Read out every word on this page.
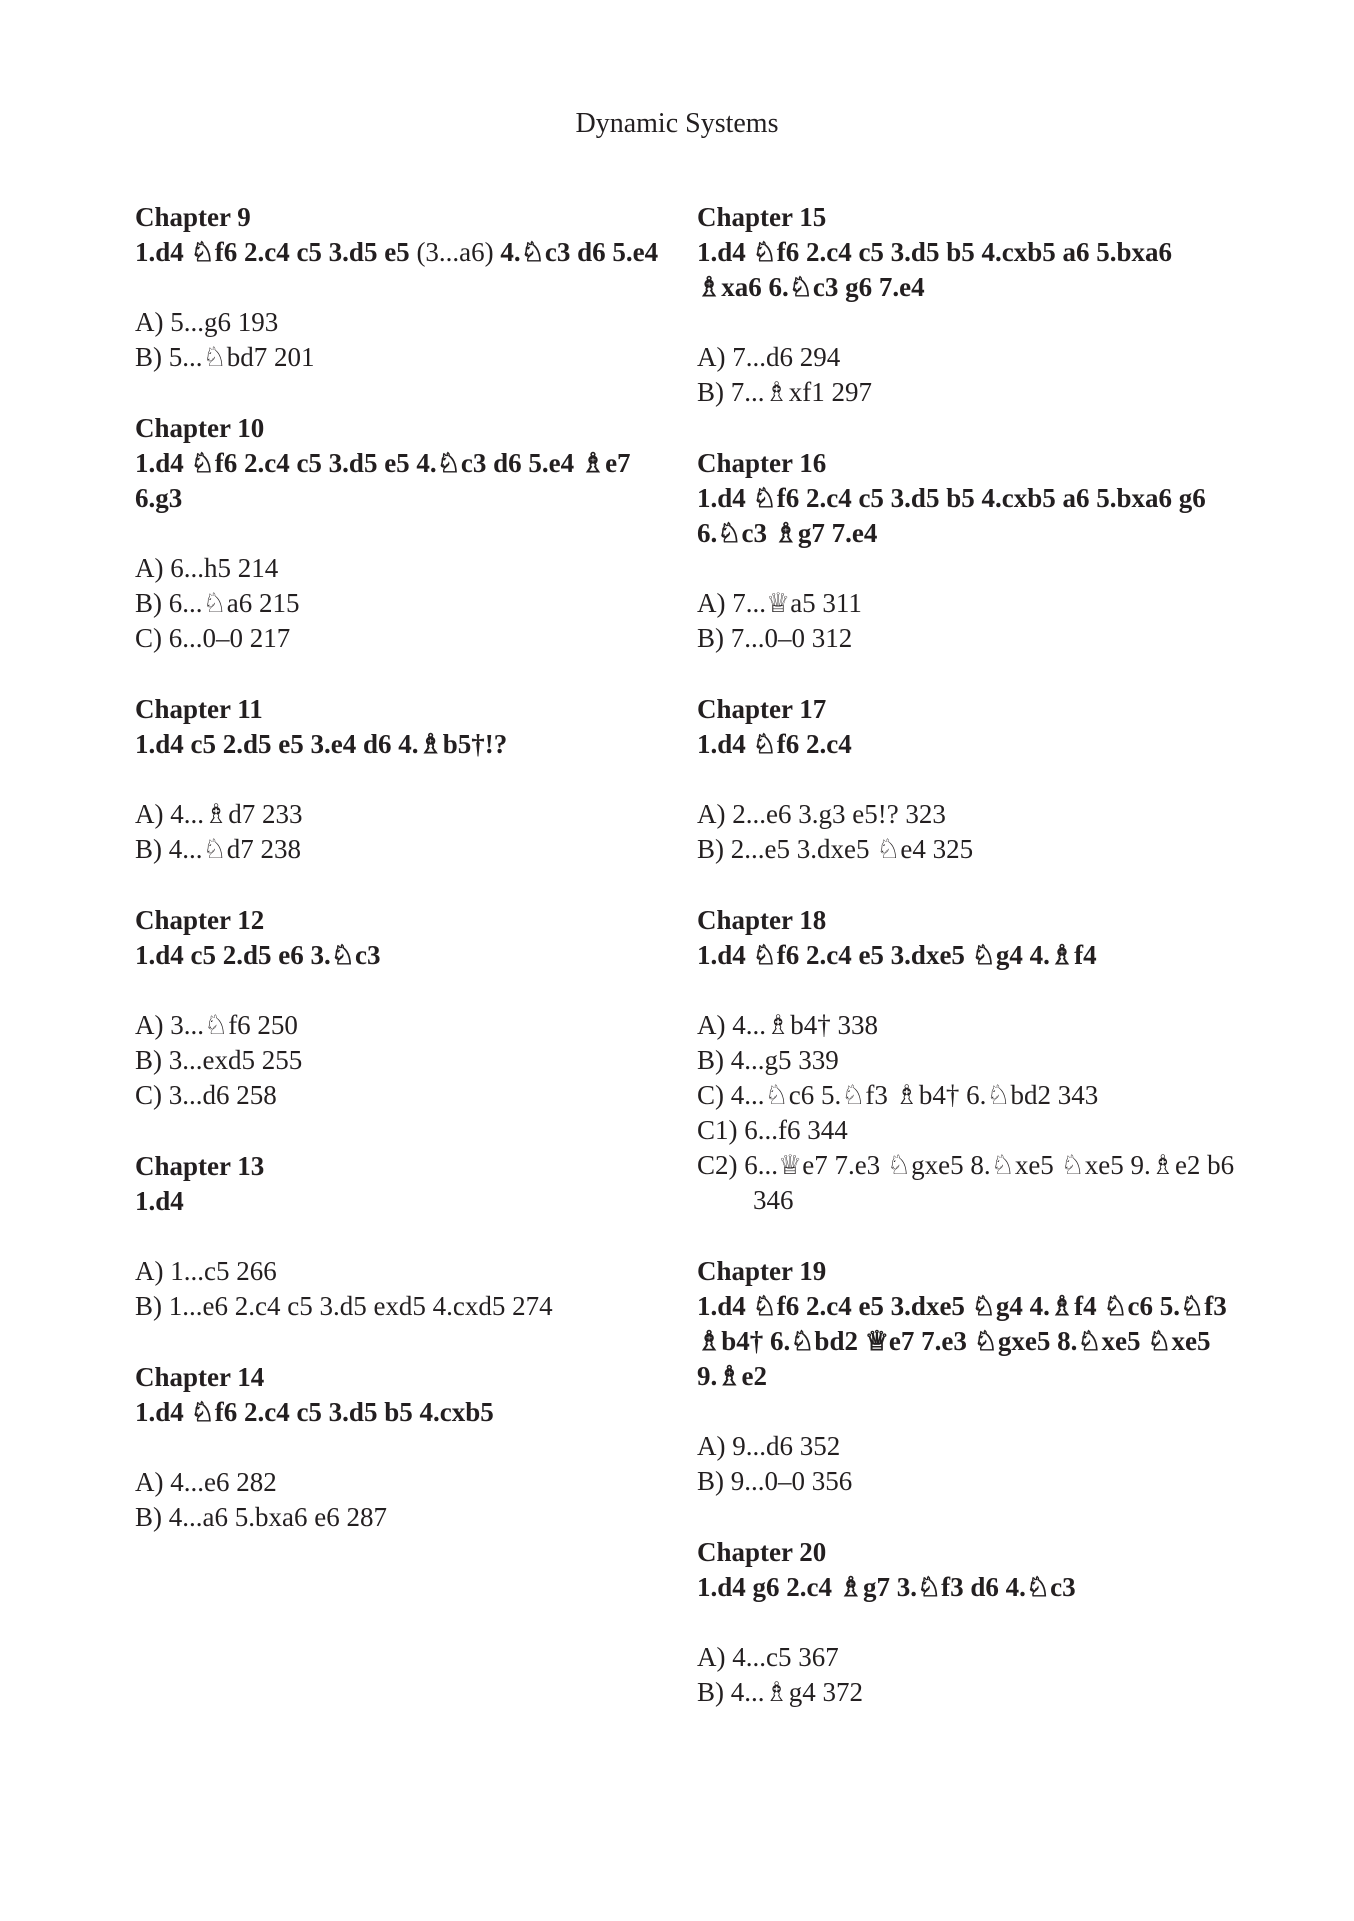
Dynamic Systems
Chapter 9
1.d4 ♘f6 2.c4 c5 3.d5 e5 (3...a6) 4.♘c3 d6 5.e4
A) 5...g6 193
B) 5...♘bd7 201
Chapter 10
1.d4 ♘f6 2.c4 c5 3.d5 e5 4.♘c3 d6 5.e4 ♗e7 6.g3
A) 6...h5 214
B) 6...♘a6 215
C) 6...0–0 217
Chapter 11
1.d4 c5 2.d5 e5 3.e4 d6 4.♗b5†!?
A) 4...♗d7 233
B) 4...♘d7 238
Chapter 12
1.d4 c5 2.d5 e6 3.♘c3
A) 3...♘f6 250
B) 3...exd5 255
C) 3...d6 258
Chapter 13
1.d4
A) 1...c5 266
B) 1...e6 2.c4 c5 3.d5 exd5 4.cxd5 274
Chapter 14
1.d4 ♘f6 2.c4 c5 3.d5 b5 4.cxb5
A) 4...e6 282
B) 4...a6 5.bxa6 e6 287
Chapter 15
1.d4 ♘f6 2.c4 c5 3.d5 b5 4.cxb5 a6 5.bxa6 ♗xa6 6.♘c3 g6 7.e4
A) 7...d6 294
B) 7...♗xf1 297
Chapter 16
1.d4 ♘f6 2.c4 c5 3.d5 b5 4.cxb5 a6 5.bxa6 g6 6.♘c3 ♗g7 7.e4
A) 7...♕a5 311
B) 7...0–0 312
Chapter 17
1.d4 ♘f6 2.c4
A) 2...e6 3.g3 e5!? 323
B) 2...e5 3.dxe5 ♘e4 325
Chapter 18
1.d4 ♘f6 2.c4 e5 3.dxe5 ♘g4 4.♗f4
A) 4...♗b4† 338
B) 4...g5 339
C) 4...♘c6 5.♘f3 ♗b4† 6.♘bd2 343
C1) 6...f6 344
C2) 6...♕e7 7.e3 ♘gxe5 8.♘xe5 ♘xe5 9.♗e2 b6 346
Chapter 19
1.d4 ♘f6 2.c4 e5 3.dxe5 ♘g4 4.♗f4 ♘c6 5.♘f3 ♗b4† 6.♘bd2 ♕e7 7.e3 ♘gxe5 8.♘xe5 ♘xe5 9.♗e2
A) 9...d6 352
B) 9...0–0 356
Chapter 20
1.d4 g6 2.c4 ♗g7 3.♘f3 d6 4.♘c3
A) 4...c5 367
B) 4...♗g4 372
